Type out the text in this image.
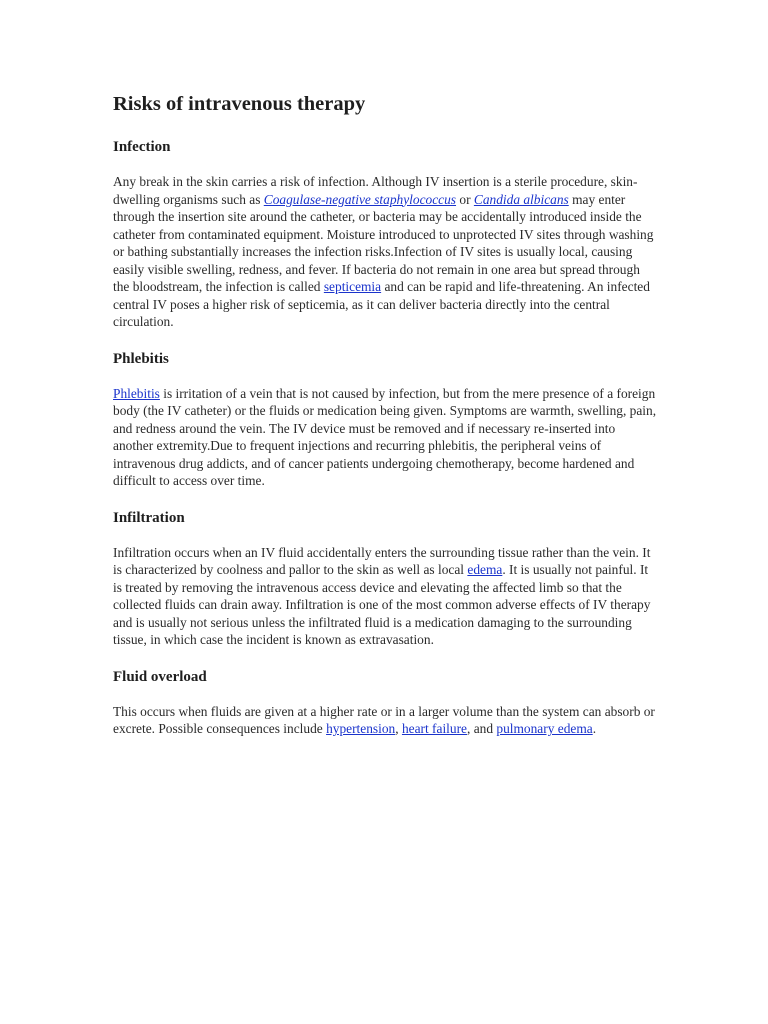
Risks of intravenous therapy
Infection

Any break in the skin carries a risk of infection. Although IV insertion is a sterile procedure, skin-dwelling organisms such as Coagulase-negative staphylococcus or Candida albicans may enter through the insertion site around the catheter, or bacteria may be accidentally introduced inside the catheter from contaminated equipment. Moisture introduced to unprotected IV sites through washing or bathing substantially increases the infection risks.Infection of IV sites is usually local, causing easily visible swelling, redness, and fever. If bacteria do not remain in one area but spread through the bloodstream, the infection is called septicemia and can be rapid and life-threatening. An infected central IV poses a higher risk of septicemia, as it can deliver bacteria directly into the central circulation.

Phlebitis

Phlebitis is irritation of a vein that is not caused by infection, but from the mere presence of a foreign body (the IV catheter) or the fluids or medication being given. Symptoms are warmth, swelling, pain, and redness around the vein. The IV device must be removed and if necessary re-inserted into another extremity.Due to frequent injections and recurring phlebitis, the peripheral veins of intravenous drug addicts, and of cancer patients undergoing chemotherapy, become hardened and difficult to access over time.

Infiltration

Infiltration occurs when an IV fluid accidentally enters the surrounding tissue rather than the vein. It is characterized by coolness and pallor to the skin as well as local edema. It is usually not painful. It is treated by removing the intravenous access device and elevating the affected limb so that the collected fluids can drain away. Infiltration is one of the most common adverse effects of IV therapy and is usually not serious unless the infiltrated fluid is a medication damaging to the surrounding tissue, in which case the incident is known as extravasation.

Fluid overload

This occurs when fluids are given at a higher rate or in a larger volume than the system can absorb or excrete. Possible consequences include hypertension, heart failure, and pulmonary edema.
